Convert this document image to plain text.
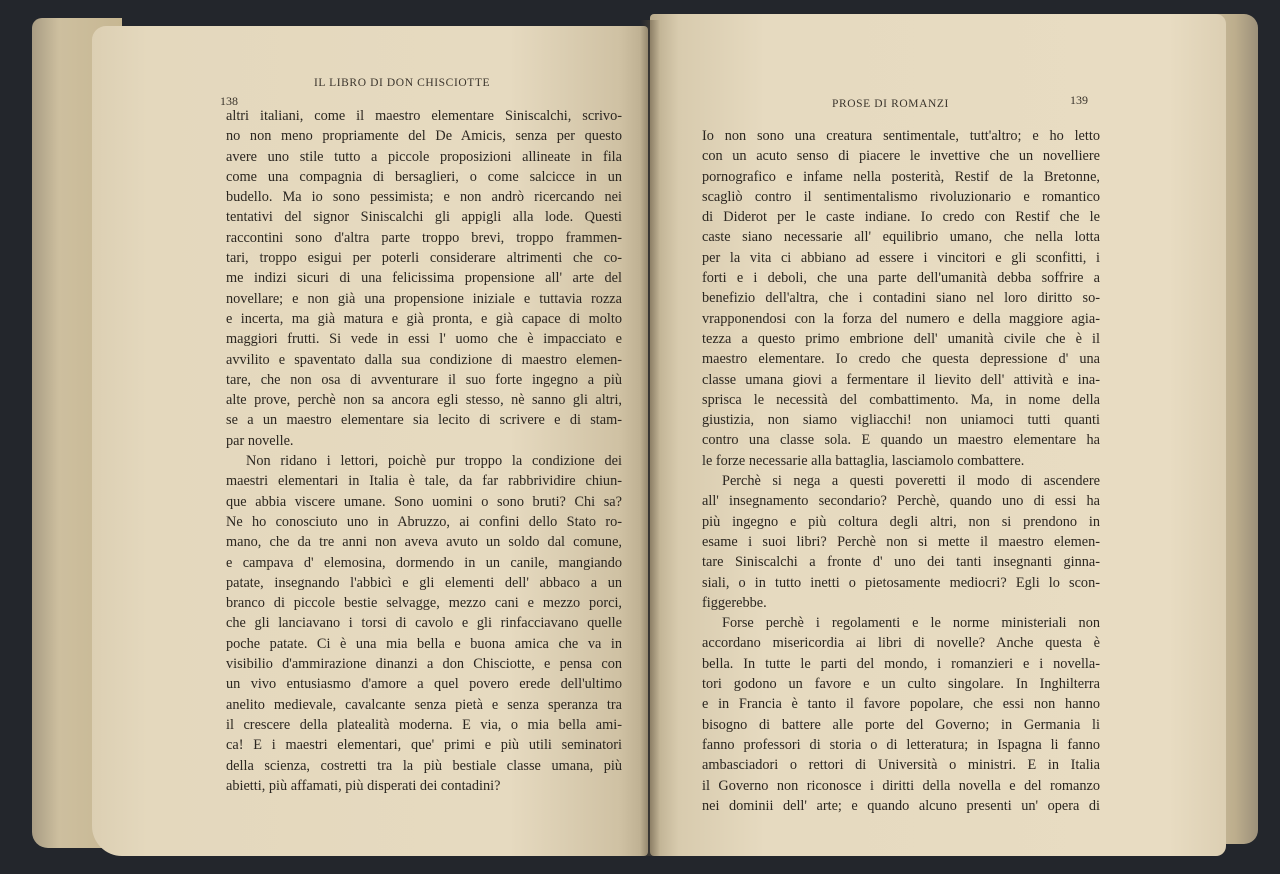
138
IL LIBRO DI DON CHISCIOTTE
altri italiani, come il maestro elementare Siniscalchi, scrivo-
no non meno propriamente del De Amicis, senza per questo
avere uno stile tutto a piccole proposizioni allineate in fila
come una compagnia di bersaglieri, o come salcicce in un
budello. Ma io sono pessimista; e non andrò ricercando nei
tentativi del signor Siniscalchi gli appigli alla lode. Questi
raccontini sono d'altra parte troppo brevi, troppo frammen-
tari, troppo esigui per poterli considerare altrimenti che co-
me indizi sicuri di una felicissima propensione all' arte del
novellare; e non già una propensione iniziale e tuttavia rozza
e incerta, ma già matura e già pronta, e già capace di molto
maggiori frutti. Si vede in essi l' uomo che è impacciato e
avvilito e spaventato dalla sua condizione di maestro elemen-
tare, che non osa di avventurare il suo forte ingegno a più
alte prove, perchè non sa ancora egli stesso, nè sanno gli altri,
se a un maestro elementare sia lecito di scrivere e di stam-
par novelle.
Non ridano i lettori, poichè pur troppo la condizione dei
maestri elementari in Italia è tale, da far rabbrividire chiun-
que abbia viscere umane. Sono uomini o sono bruti? Chi sa?
Ne ho conosciuto uno in Abruzzo, ai confini dello Stato ro-
mano, che da tre anni non aveva avuto un soldo dal comune,
e campava d' elemosina, dormendo in un canile, mangiando
patate, insegnando l'abbicì e gli elementi dell' abbaco a un
branco di piccole bestie selvagge, mezzo cani e mezzo porci,
che gli lanciavano i torsi di cavolo e gli rinfacciavano quelle
poche patate. Ci è una mia bella e buona amica che va in
visibilio d'ammirazione dinanzi a don Chisciotte, e pensa con
un vivo entusiasmo d'amore a quel povero erede dell'ultimo
anelito medievale, cavalcante senza pietà e senza speranza tra
il crescere della platealità moderna. E via, o mia bella ami-
ca! E i maestri elementari, que' primi e più utili seminatori
della scienza, costretti tra la più bestiale classe umana, più
abietti, più affamati, più disperati dei contadini?
PROSE DI ROMANZI	139
Io non sono una creatura sentimentale, tutt'altro; e ho letto
con un acuto senso di piacere le invettive che un novelliere
pornografico e infame nella posterità, Restif de la Bretonne,
scagliò contro il sentimentalismo rivoluzionario e romantico
di Diderot per le caste indiane. Io credo con Restif che le
caste siano necessarie all' equilibrio umano, che nella lotta
per la vita ci abbiano ad essere i vincitori e gli sconfitti, i
forti e i deboli, che una parte dell'umanità debba soffrire a
benefizio dell'altra, che i contadini siano nel loro diritto so-
vrapponendosi con la forza del numero e della maggiore agia-
tezza a questo primo embrione dell' umanità civile che è il
maestro elementare. Io credo che questa depressione d' una
classe umana giovi a fermentare il lievito dell' attività e ina-
sprisca le necessità del combattimento. Ma, in nome della
giustizia, non siamo vigliacchi! non uniamoci tutti quanti
contro una classe sola. E quando un maestro elementare ha
le forze necessarie alla battaglia, lasciamolo combattere.
Perchè si nega a questi poveretti il modo di ascendere
all' insegnamento secondario? Perchè, quando uno di essi ha
più ingegno e più coltura degli altri, non si prendono in
esame i suoi libri? Perchè non si mette il maestro elemen-
tare Siniscalchi a fronte d' uno dei tanti insegnanti ginna-
siali, o in tutto inetti o pietosamente mediocri? Egli lo scon-
figgerebbe.
Forse perchè i regolamenti e le norme ministeriali non
accordano misericordia ai libri di novelle? Anche questa è
bella. In tutte le parti del mondo, i romanzieri e i novella-
tori godono un favore e un culto singolare. In Inghilterra
e in Francia è tanto il favore popolare, che essi non hanno
bisogno di battere alle porte del Governo; in Germania li
fanno professori di storia o di letteratura; in Ispagna li fanno
ambasciadori o rettori di Università o ministri. E in Italia
il Governo non riconosce i diritti della novella e del romanzo
nei dominii dell' arte; e quando alcuno presenti un' opera di
